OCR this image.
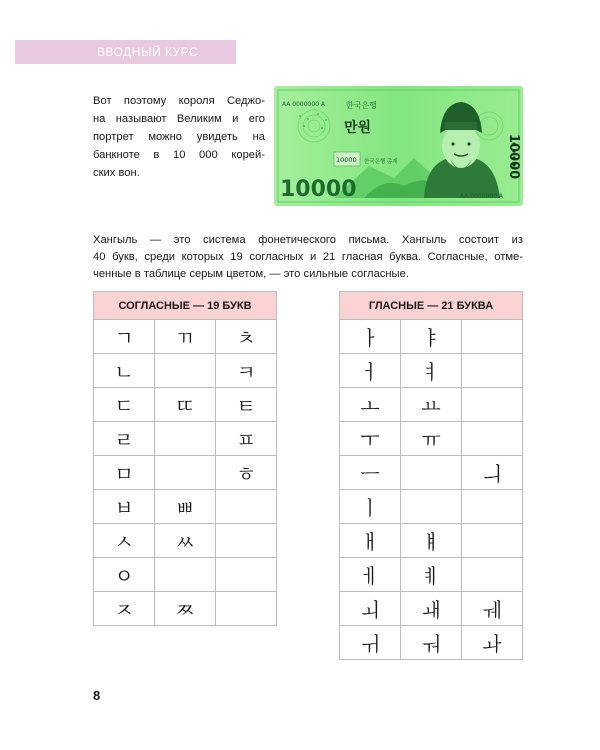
ВВОДНЫЙ КУРС
Вот поэтому короля Седжо-
на называют Великим и его
портрет можно увидеть на
банкноте в 10 000 корей-
ских вон.
AA 0000000 A	한국은행
만원
10000
10000 한국은행 총재
10000	AA 0000000 A
Хангыль — это система фонетического письма. Хангыль состоит из
40 букв, среди которых 19 согласных и 21 гласная буква. Согласные, отме-
ченные в таблице серым цветом, — это сильные согласные.
СОГЛАСНЫЕ — 19 БУКВ		
ㄱ	ㄲ	ㅊ
ㄴ		ㅋ
ㄷ	ㄸ	ㅌ
ㄹ		ㅍ
ㅁ		ㅎ
ㅂ	ㅃ	
ㅅ	ㅆ	
ㅇ		
ㅈ	ㅉ	
ГЛАСНЫЕ — 21 БУКВА		
ㅏ	ㅑ	
ㅓ	ㅕ	
ㅗ	ㅛ	
ㅜ	ㅠ	
ㅡ		ㅢ
ㅣ		
ㅐ	ㅒ	
ㅔ	ㅖ	
ㅚ	ㅙ	ㅞ
ㅟ	ㅝ	ㅘ
8
